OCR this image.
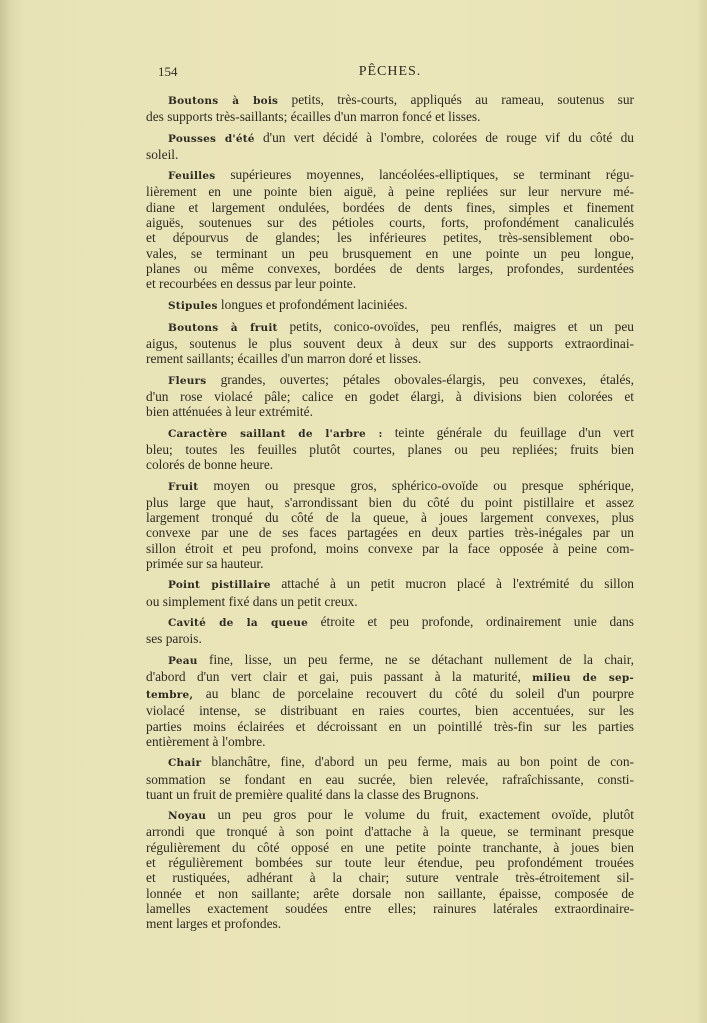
154	PÊCHES.
Boutons à bois petits, très-courts, appliqués au rameau, soutenus sur
des supports très-saillants; écailles d'un marron foncé et lisses.
Pousses d'été d'un vert décidé à l'ombre, colorées de rouge vif du côté du
soleil.
Feuilles supérieures moyennes, lancéolées-elliptiques, se terminant régu-
lièrement en une pointe bien aiguë, à peine repliées sur leur nervure mé-
diane et largement ondulées, bordées de dents fines, simples et finement
aiguës, soutenues sur des pétioles courts, forts, profondément canaliculés
et dépourvus de glandes; les inférieures petites, très-sensiblement obo-
vales, se terminant un peu brusquement en une pointe un peu longue,
planes ou même convexes, bordées de dents larges, profondes, surdentées
et recourbées en dessus par leur pointe.
Stipules longues et profondément laciniées.
Boutons à fruit petits, conico-ovoïdes, peu renflés, maigres et un peu
aigus, soutenus le plus souvent deux à deux sur des supports extraordinai-
rement saillants; écailles d'un marron doré et lisses.
Fleurs grandes, ouvertes; pétales obovales-élargis, peu convexes, étalés,
d'un rose violacé pâle; calice en godet élargi, à divisions bien colorées et
bien atténuées à leur extrémité.
Caractère saillant de l'arbre : teinte générale du feuillage d'un vert
bleu; toutes les feuilles plutôt courtes, planes ou peu repliées; fruits bien
colorés de bonne heure.
Fruit moyen ou presque gros, sphérico-ovoïde ou presque sphérique,
plus large que haut, s'arrondissant bien du côté du point pistillaire et assez
largement tronqué du côté de la queue, à joues largement convexes, plus
convexe par une de ses faces partagées en deux parties très-inégales par un
sillon étroit et peu profond, moins convexe par la face opposée à peine com-
primée sur sa hauteur.
Point pistillaire attaché à un petit mucron placé à l'extrémité du sillon
ou simplement fixé dans un petit creux.
Cavité de la queue étroite et peu profonde, ordinairement unie dans
ses parois.
Peau fine, lisse, un peu ferme, ne se détachant nullement de la chair,
d'abord d'un vert clair et gai, puis passant à la maturité, milieu de sep-
tembre, au blanc de porcelaine recouvert du côté du soleil d'un pourpre
violacé intense, se distribuant en raies courtes, bien accentuées, sur les
parties moins éclairées et décroissant en un pointillé très-fin sur les parties
entièrement à l'ombre.
Chair blanchâtre, fine, d'abord un peu ferme, mais au bon point de con-
sommation se fondant en eau sucrée, bien relevée, rafraîchissante, consti-
tuant un fruit de première qualité dans la classe des Brugnons.
Noyau un peu gros pour le volume du fruit, exactement ovoïde, plutôt
arrondi que tronqué à son point d'attache à la queue, se terminant presque
régulièrement du côté opposé en une petite pointe tranchante, à joues bien
et régulièrement bombées sur toute leur étendue, peu profondément trouées
et rustiquées, adhérant à la chair; suture ventrale très-étroitement sil-
lonnée et non saillante; arête dorsale non saillante, épaisse, composée de
lamelles exactement soudées entre elles; rainures latérales extraordinaire-
ment larges et profondes.
